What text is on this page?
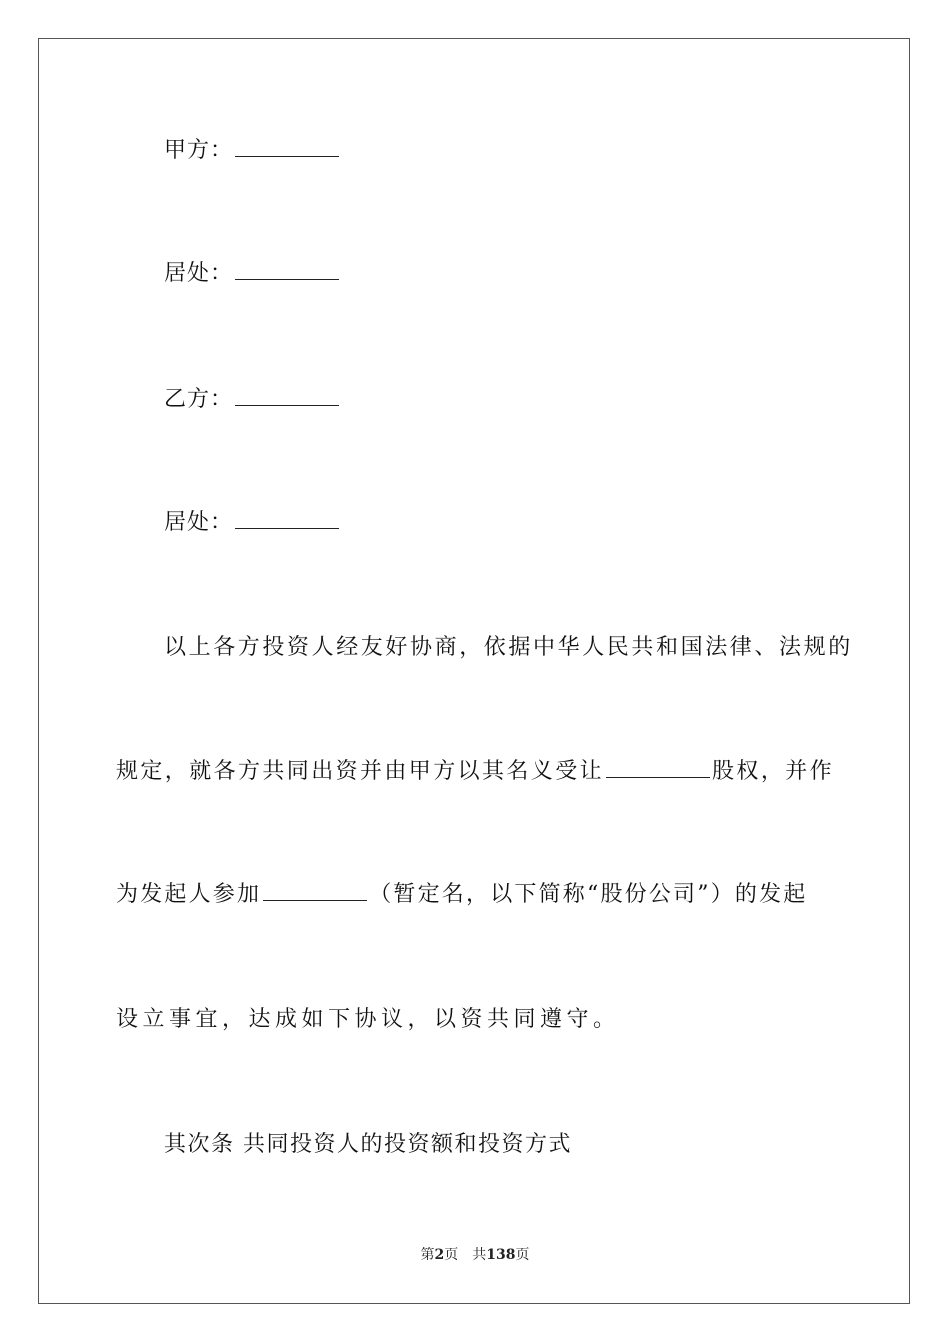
甲方：
居处：
乙方：
居处：
以上各方投资人经友好协商，依据中华人民共和国法律、法规的
规定，就各方共同出资并由甲方以其名义受让	股权，并作
为发起人参加	（暂定名，以下简称“股份公司”）的发起
设立事宜，达成如下协议，以资共同遵守。
其次条 共同投资人的投资额和投资方式
第2页 共138页
